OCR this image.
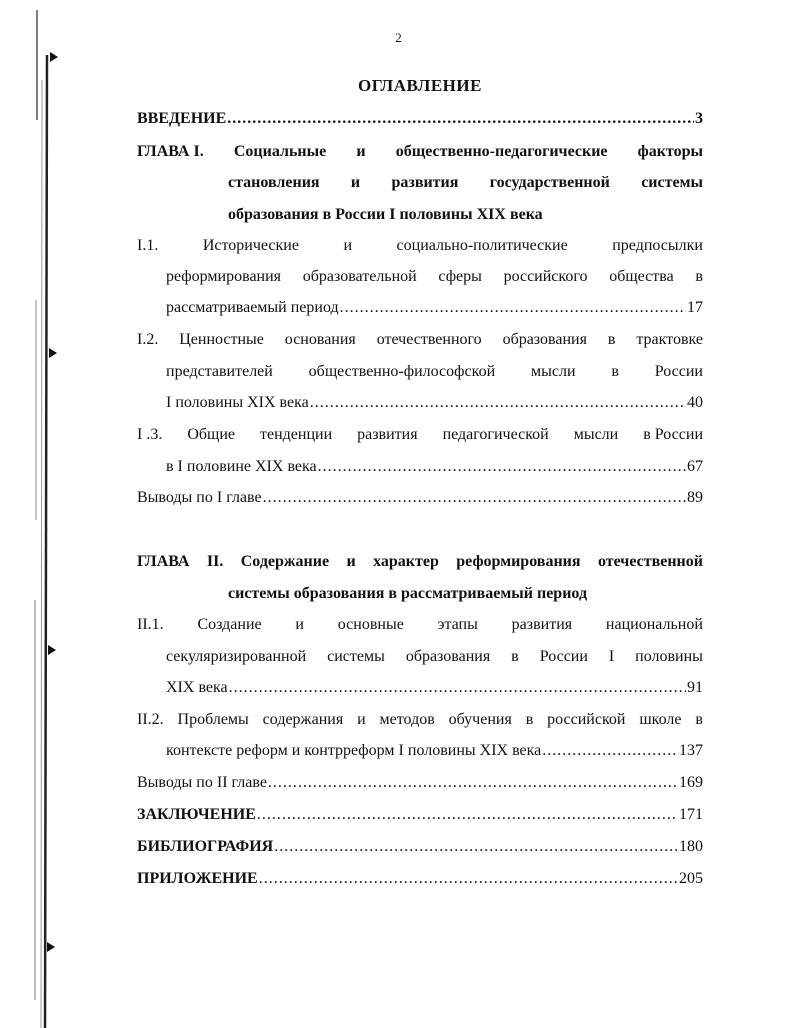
2
ОГЛАВЛЕНИЕ
ВВЕДЕНИЕ .....	3
ГЛАВА I. Социальные и общественно-педагогические факторы
становления и развития государственной системы
образования в России I половины XIX века
I.1.	Исторические	и	социально-политические	предпосылки
реформирования образовательной сферы российского общества в
рассматриваемый период .....	17
I.2. Ценностные основания отечественного образования в трактовке
представителей общественно-философской мысли в России
I половины XIX века .....	40
I .3. Общие тенденции развития педагогической мысли в России
в I половине XIX века .....	67
Выводы по I главе .....	89
ГЛАВА II. Содержание и характер реформирования отечественной
системы образования в рассматриваемый период
II.1. Создание и основные этапы развития национальной
секуляризированной системы образования в России I половины
XIX века .....	91
II.2. Проблемы содержания и методов обучения в российской школе в
контексте реформ и контрреформ I половины XIX века .....	137
Выводы по II главе .....	169
ЗАКЛЮЧЕНИЕ .....	171
БИБЛИОГРАФИЯ .....	180
ПРИЛОЖЕНИЕ .....	205
